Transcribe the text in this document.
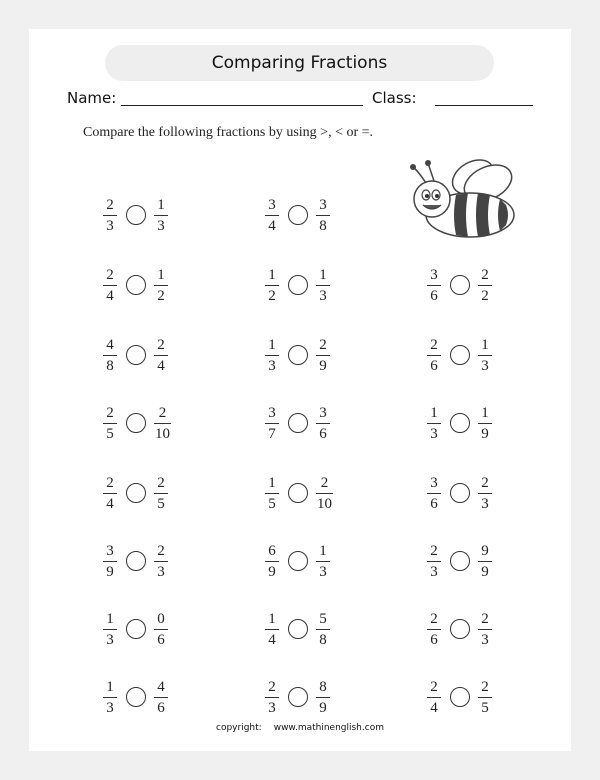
Comparing Fractions
Name:	Class:
Compare the following fractions by using >, < or =.
$\frac{2}{3} \frac{1}{3}$	$\frac{3}{4} \frac{3}{8}$
$\frac{2}{4} \frac{1}{2}$	$\frac{1}{2} \frac{1}{3}$	$\frac{3}{6} \frac{2}{2}$
$\frac{4}{8} \frac{2}{4}$	$\frac{1}{3} \frac{2}{9}$	$\frac{2}{6} \frac{1}{3}$
$\frac{2}{5} \frac{2}{10}$	$\frac{3}{7} \frac{3}{6}$	$\frac{1}{3} \frac{1}{9}$
$\frac{2}{4} \frac{2}{5}$	$\frac{1}{5} \frac{2}{10}$	$\frac{3}{6} \frac{2}{3}$
$\frac{3}{9} \frac{2}{3}$	$\frac{6}{9} \frac{1}{3}$	$\frac{2}{3} \frac{9}{9}$
$\frac{1}{3} \frac{0}{6}$	$\frac{1}{4} \frac{5}{8}$	$\frac{2}{6} \frac{2}{3}$
$\frac{1}{3} \frac{4}{6}$	$\frac{2}{3} \frac{8}{9}$	$\frac{2}{4} \frac{2}{5}$
copyright: www.mathinenglish.com
